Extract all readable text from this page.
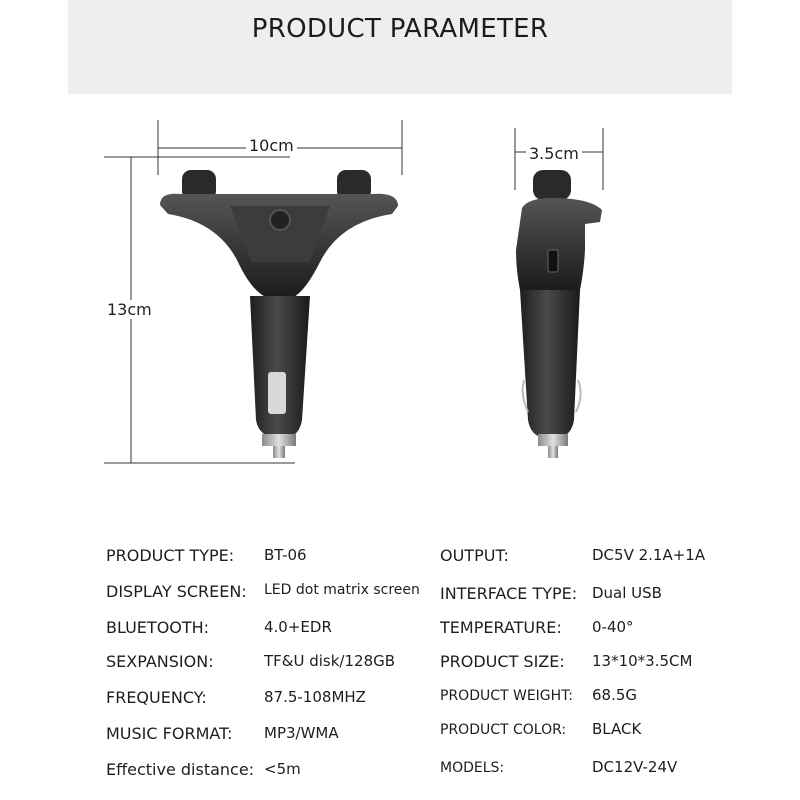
PRODUCT PARAMETER
10cm
13cm
3.5cm
PRODUCT TYPE: BT-06
DISPLAY SCREEN: LED dot matrix screen
BLUETOOTH:	4.0+EDR
SEXPANSION:	TF&U disk/128GB
FREQUENCY:	87.5-108MHZ
MUSIC FORMAT: MP3/WMA
Effective distance: <5m
OUTPUT:	DC5V 2.1A+1A
INTERFACE TYPE: Dual USB
TEMPERATURE: 0-40°
PRODUCT SIZE: 13*10*3.5CM
PRODUCT WEIGHT: 68.5G
PRODUCT COLOR: BLACK
MODELS:	DC12V-24V
